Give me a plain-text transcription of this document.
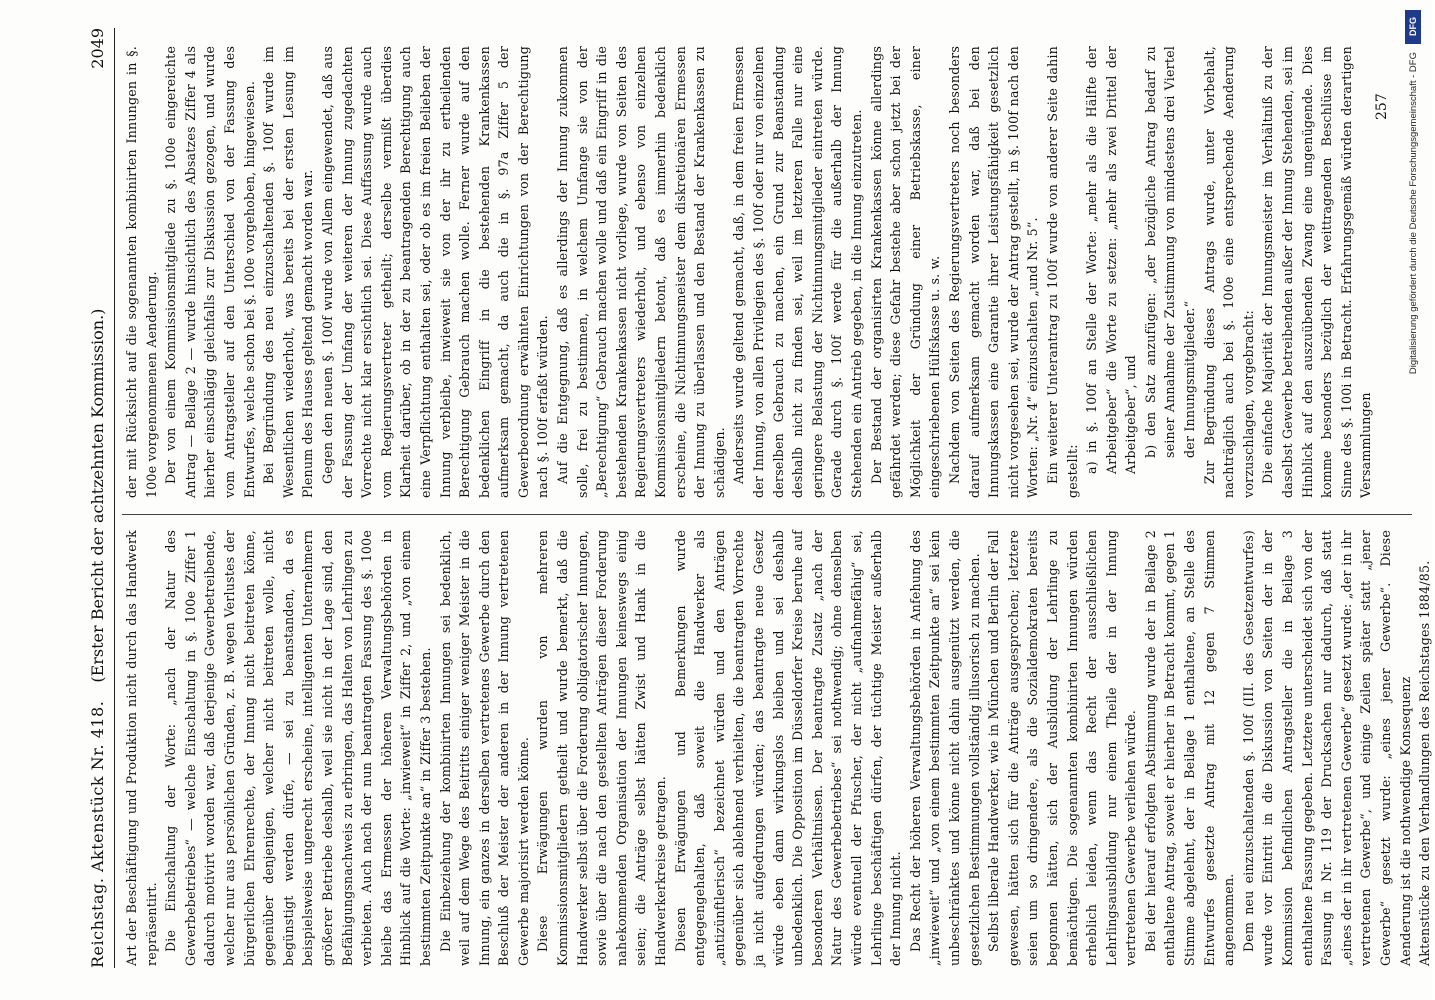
Reichstag. Aktenstück Nr. 418.
(Erster Bericht der achtzehnten Kommission.)
2049

Art der Beschäftigung und Produktion nicht durch das Handwerk repräsentirt. Die Einschaltung der Worte: „nach der Natur des Gewerbebetriebes“ — welche Einschaltung in §. 100e Ziffer 1 dadurch motivirt worden war, daß derjenige Gewerbetreibende, welcher nur aus persönlichen Gründen, z. B. wegen Verlustes der bürgerlichen Ehrenrechte, der Innung nicht beitreten könne, gegenüber denjenigen, welcher nicht beitreten wolle, nicht begünstigt werden dürfe, — sei zu beanstanden, da es beispielsweise ungerecht erscheine, intelligenten Unternehmern größerer Betriebe deshalb, weil sie nicht in der Lage sind, den Befähigungsnachweis zu erbringen, das Halten von Lehrlingen zu verbieten. Auch nach der nun beantragten Fassung des §. 100e bleibe das Ermessen der höheren Verwaltungsbehörden in Hinblick auf die Worte: „inwieweit“ in Ziffer 2, und „von einem bestimmten Zeitpunkte an“ in Ziffer 3 bestehen. Die Einbeziehung der kombinirten Innungen sei bedenklich, weil auf dem Wege des Beitritts einiger weniger Meister in die Innung, ein ganzes in derselben vertretenes Gewerbe durch den Beschluß der Meister der anderen in der Innung vertretenen Gewerbe majorisirt werden könne. Diese Erwägungen wurden von mehreren Kommissionsmitgliedern getheilt und wurde bemerkt, daß die Handwerker selbst über die Forderung obligatorischer Innungen, sowie über die nach den gestellten Anträgen dieser Forderung nahekommenden Organisation der Innungen keineswegs einig seien; die Anträge selbst hätten Zwist und Hank in die Handwerkerkreise getragen. Diesen Erwägungen und Bemerkungen wurde entgegengehalten, daß soweit die Handwerker als „antizünftlerisch“ bezeichnet würden und den Anträgen gegenüber sich ablehnend verhielten, die beantragten Vorrechte ja nicht aufgedrungen würden; das beantragte neue Gesetz würde eben dann wirkungslos bleiben und sei deshalb unbedenklich. Die Opposition im Düsseldorfer Kreise beruhe auf besonderen Verhältnissen. Der beantragte Zusatz „nach der Natur des Gewerbebetriebes“ sei nothwendig; ohne denselben würde eventuell der Pfuscher, der nicht „aufnahmefähig“ sei, Lehrlinge beschäftigen dürfen, der tüchtige Meister außerhalb der Innung nicht. Das Recht der höheren Verwaltungsbehörden in Anfehung des „inwieweit“ und „von einem bestimmten Zeitpunkte an“ sei kein unbeschränktes und könne nicht dahin ausgenützt werden, die gesetzlichen Bestimmungen vollständig illusorisch zu machen. Selbst liberale Handwerker, wie in München und Berlin der Fall gewesen, hätten sich für die Anträge ausgesprochen; letztere seien um so dringendere, als die Sozialdemokraten bereits begonnen hätten, sich der Ausbildung der Lehrlinge zu bemächtigen. Die sogenannten kombinirten Innungen würden erheblich leiden, wenn das Recht der ausschließlichen Lehrlingsausbildung nur einem Theile der in der Innung vertretenen Gewerbe verliehen würde. Bei der hierauf erfolgten Abstimmung wurde der in Beilage 2 enthaltene Antrag, soweit er hierher in Betracht kommt, gegen 1 Stimme abgelehnt, der in Beilage 1 enthaltene, an Stelle des Entwurfes gesetzte Antrag mit 12 gegen 7 Stimmen angenommen. Dem neu einzuschaltenden §. 100f (III. des Gesetzentwurfes) wurde vor Eintritt in die Diskussion von Seiten der in der Kommission befindlichen Antragsteller die in Beilage 3 enthaltene Fassung gegeben. Letztere unterscheidet sich von der Fassung in Nr. 119 der Drucksachen nur dadurch, daß statt „eines der in ihr vertretenen Gewerbe“ gesetzt wurde: „der in ihr vertretenen Gewerbe“, und einige Zeilen später statt „jener Gewerbe“ gesetzt wurde: „eines jener Gewerbe“. Diese Aenderung ist die nothwendige Konsequenz Aktenstücke zu den Verhandlungen des Reichstages 1884/85.

der mit Rücksicht auf die sogenannten kombinirten Innungen in §. 100e vorgenommenen Aenderung. Der von einem Kommissionsmitgliede zu §. 100e eingereichte Antrag — Beilage 2 — wurde hinsichtlich des Absatzes Ziffer 4 als hierher einschlägig gleichfalls zur Diskussion gezogen, und wurde vom Antragsteller auf den Unterschied von der Fassung des Entwurfes, welche schon bei §. 100e vorgehoben, hingewiesen. Bei Begründung des neu einzuschaltenden §. 100f wurde im Wesentlichen wiederholt, was bereits bei der ersten Lesung im Plenum des Hauses geltend gemacht worden war. Gegen den neuen §. 100f wurde von Allem eingewendet, daß aus der Fassung der Umfang der weiteren der Innung zugedachten Vorrechte nicht klar ersichtlich sei. Diese Auffassung wurde auch vom Regierungsvertreter getheilt; derselbe vermißt überdies Klarheit darüber, ob in der zu beantragenden Berechtigung auch eine Verpflichtung enthalten sei, oder ob es im freien Belieben der Innung verbleibe, inwieweit sie von der ihr zu ertheilenden Berechtigung Gebrauch machen wolle. Ferner wurde auf den bedenklichen Eingriff in die bestehenden Krankenkassen aufmerksam gemacht, da auch die in §. 97a Ziffer 5 der Gewerbeordnung erwähnten Einrichtungen von der Berechtigung nach §. 100f erfaßt würden. Auf die Entgegnung, daß es allerdings der Innung zukommen solle, frei zu bestimmen, in welchem Umfange sie von der „Berechtigung“ Gebrauch machen wolle und daß ein Eingriff in die bestehenden Krankenkassen nicht vorliege, wurde von Seiten des Regierungsvertreters wiederholt, und ebenso von einzelnen Kommissionsmitgliedern betont, daß es immerhin bedenklich erscheine, die Nichtinnungsmeister dem diskretionären Ermessen der Innung zu überlassen und den Bestand der Krankenkassen zu schädigen. Anderseits wurde geltend gemacht, daß, in dem freien Ermessen der Innung, von allen Privilegien des §. 100f oder nur von einzelnen derselben Gebrauch zu machen, ein Grund zur Beanstandung deshalb nicht zu finden sei, weil im letzteren Falle nur eine geringere Belastung der Nichtinnungsmitglieder eintreten würde. Gerade durch §. 100f werde für die außerhalb der Innung Stehenden ein Antrieb gegeben, in die Innung einzutreten. Der Bestand der organisirten Krankenkassen könne allerdings gefährdet werden; diese Gefahr bestehe aber schon jetzt bei der Möglichkeit der Gründung einer Betriebskasse, einer eingeschriebenen Hülfskasse u. s. w. Nachdem von Seiten des Regierungsvertreters noch besonders darauf aufmerksam gemacht worden war, daß bei den Innungskassen eine Garantie ihrer Leistungsfähigkeit gesetzlich nicht vorgesehen sei, wurde der Antrag gestellt, in §. 100f nach den Worten: „Nr. 4“ einzuschalten „und Nr. 5“. Ein weiterer Unterantrag zu 100f wurde von anderer Seite dahin gestellt: a) in §. 100f an Stelle der Worte: „mehr als die Hälfte der Arbeitgeber“ die Worte zu setzen: „mehr als zwei Drittel der Arbeitgeber“, und b) den Satz anzufügen: „der bezügliche Antrag bedarf zu seiner Annahme der Zustimmung von mindestens drei Viertel der Innungsmitglieder.“ Zur Begründung dieses Antrags wurde, unter Vorbehalt, nachträglich auch bei §. 100e eine entsprechende Aenderung vorzuschlagen, vorgebracht: Die einfache Majorität der Innungsmeister im Verhältniß zu der daselbst Gewerbe betreibenden außer der Innung Stehenden, sei im Hinblick auf den auszuübenden Zwang eine ungenügende. Dies komme besonders bezüglich der weittragenden Beschlüsse im Sinne des §. 100i in Betracht. Erfahrungsgemäß würden derartigen Versammlungen

257
DFG
Digitalisierung gefördert durch die Deutsche Forschungsgemeinschaft - DFG
